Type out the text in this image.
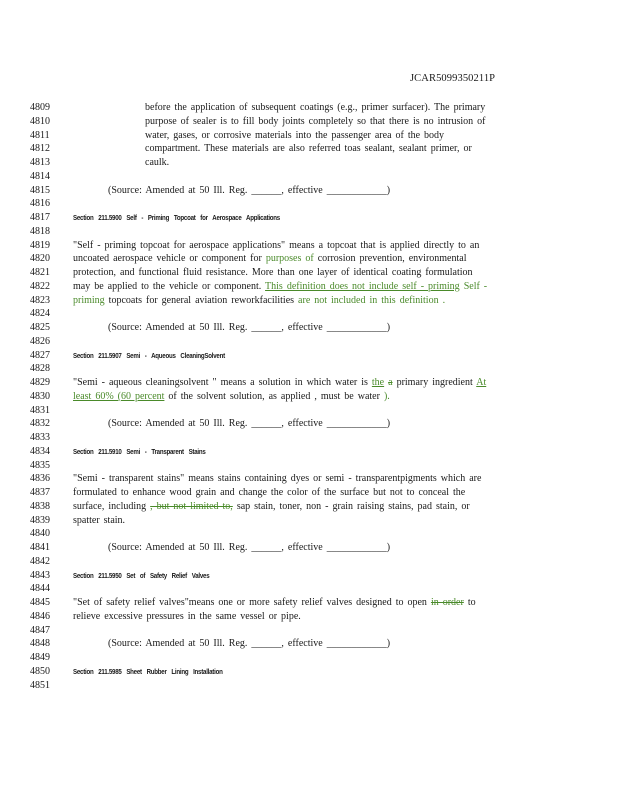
JCAR5099350211P
4809	before the application of subsequent coatings (e.g., primer surfacer). The primary
4810	purpose of sealer is to fill body joints completely so that there is no intrusion of
4811	water, gases, or corrosive materials into the passenger area of the body
4812	compartment. These materials are also referred toas sealant, sealant primer, or
4813	caulk.
4814
4815	(Source: Amended at 50 Ill. Reg. ______, effective ____________)
4816
4817	Section 211.5900 Self - Priming Topcoat for Aerospace Applications
4818
4819	"Self - priming topcoat for aerospace applications" means a topcoat that is applied directly to an
4820	uncoated aerospace vehicle or component for purposes of corrosion prevention, environmental
4821	protection, and functional fluid resistance. More than one layer of identical coating formulation
4822	may be applied to the vehicle or component. This definition does not include self - priming Self -
4823	priming topcoats for general aviation reworkfacilities are not included in this definition .
4824
4825	(Source: Amended at 50 Ill. Reg. ______, effective ____________)
4826
4827	Section 211.5907 Semi - Aqueous CleaningSolvent
4828
4829	"Semi - aqueous cleaningsolvent " means a solution in which water is the a primary ingredient At
4830	least 60% (60 percent of the solvent solution, as applied , must be water ).
4831
4832	(Source: Amended at 50 Ill. Reg. ______, effective ____________)
4833
4834	Section 211.5910 Semi - Transparent Stains
4835
4836	"Semi - transparent stains" means stains containing dyes or semi - transparentpigments which are
4837	formulated to enhance wood grain and change the color of the surface but not to conceal the
4838	surface, including , but not limited to, sap stain, toner, non - grain raising stains, pad stain, or
4839	spatter stain.
4840
4841	(Source: Amended at 50 Ill. Reg. ______, effective ____________)
4842
4843	Section 211.5950 Set of Safety Relief Valves
4844
4845	"Set of safety relief valves"means one or more safety relief valves designed to open in order to
4846	relieve excessive pressures in the same vessel or pipe.
4847
4848	(Source: Amended at 50 Ill. Reg. ______, effective ____________)
4849
4850	Section 211.5985 Sheet Rubber Lining Installation
4851
